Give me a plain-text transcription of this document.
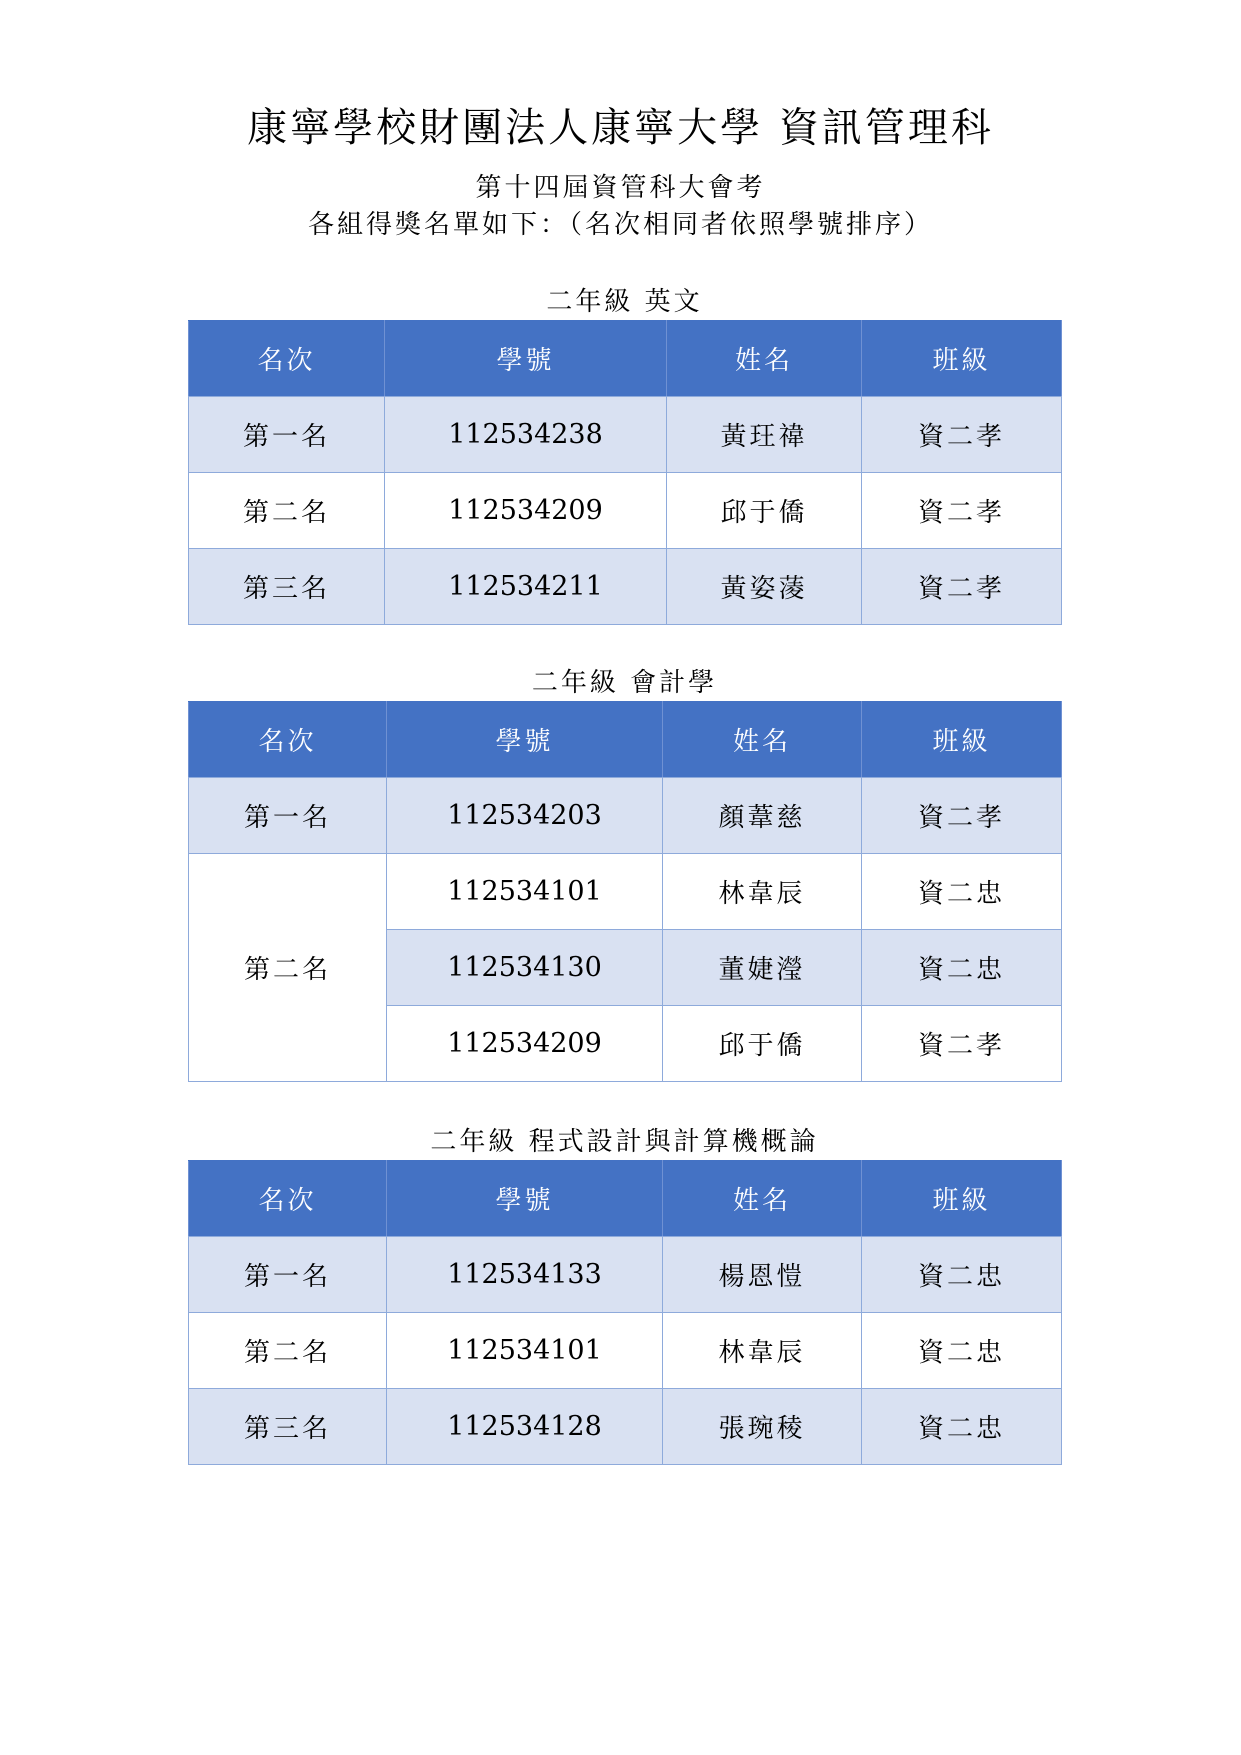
康寧學校財團法人康寧大學 資訊管理科
第十四屆資管科大會考
各組得獎名單如下：（名次相同者依照學號排序）
二年級 英文
名次	學號	姓名	班級
第一名	112534238	黃玨禕	資二孝
第二名	112534209	邱于僑	資二孝
第三名	112534211	黃姿蓤	資二孝
二年級 會計學
名次	學號	姓名	班級
第一名	112534203	顏葦慈	資二孝
第二名	112534101	林韋辰	資二忠
	112534130	董婕瀅	資二忠
	112534209	邱于僑	資二孝
二年級 程式設計與計算機概論
名次	學號	姓名	班級
第一名	112534133	楊恩愷	資二忠
第二名	112534101	林韋辰	資二忠
第三名	112534128	張琬稜	資二忠
